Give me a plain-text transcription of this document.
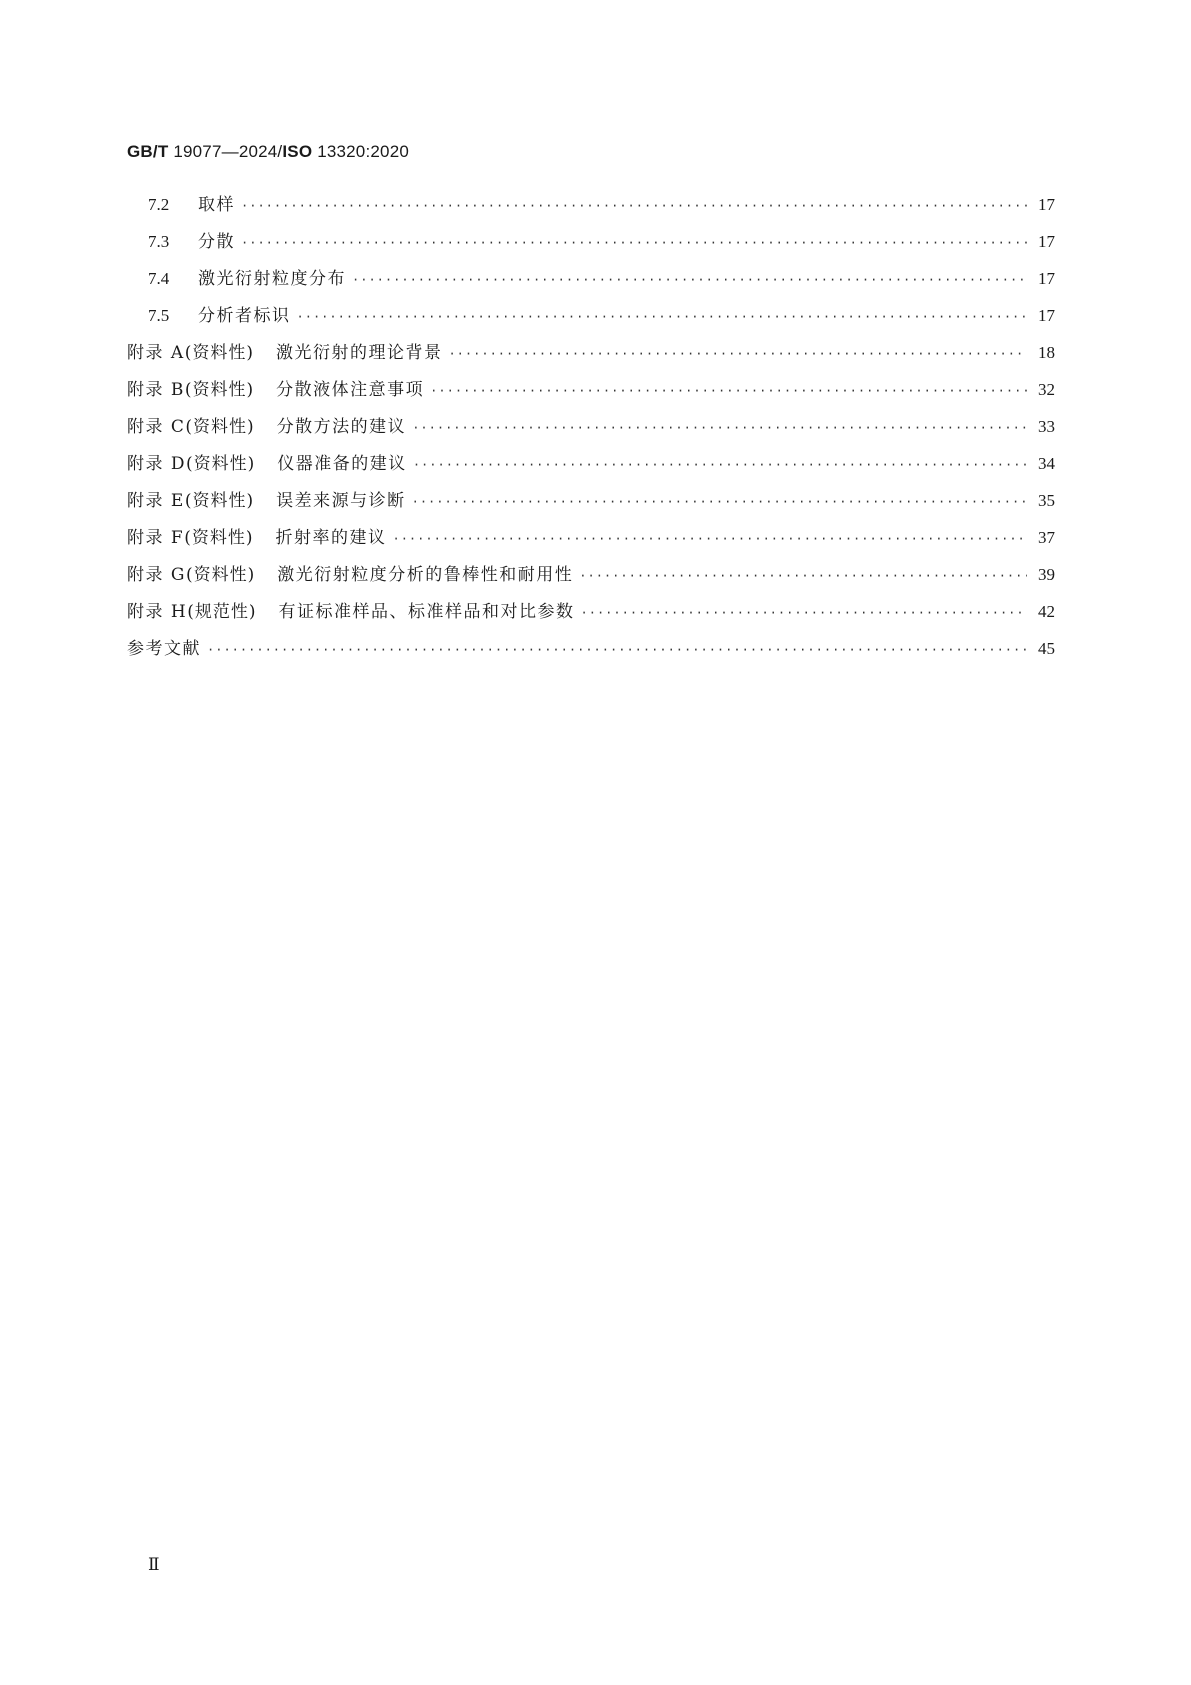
GB/T 19077—2024/ISO 13320:2020
7.2	取样 ·····	17
7.3	分散 ·····	17
7.4	激光衍射粒度分布 ·····	17
7.5	分析者标识 ·····	17
附录 A(资料性) 激光衍射的理论背景 ·····	18
附录 B(资料性) 分散液体注意事项 ·····	32
附录 C(资料性) 分散方法的建议 ·····	33
附录 D(资料性) 仪器准备的建议 ·····	34
附录 E(资料性) 误差来源与诊断 ·····	35
附录 F(资料性) 折射率的建议 ·····	37
附录 G(资料性) 激光衍射粒度分析的鲁棒性和耐用性 ·····	39
附录 H(规范性) 有证标准样品、标准样品和对比参数 ·····	42
参考文献 ·····	45
Ⅱ
